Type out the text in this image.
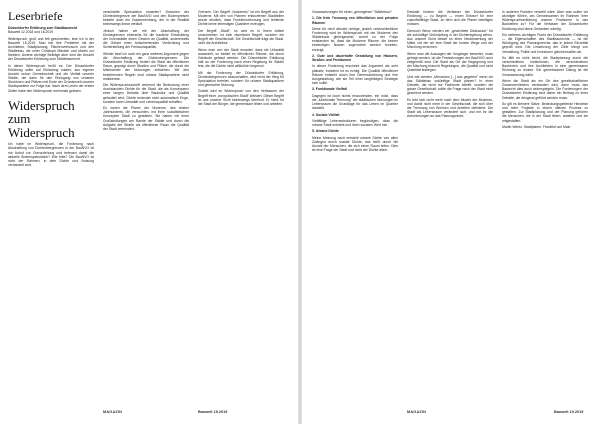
Leserbriefe

Düsseldorfer Erklärung zum Stadtbaurecht

Bauwelt 12.2018 und 16.2019

Widerspruch, groß und fett geschrieben, lese ich in der Bauwelt 15.2019. Man hat Ihre Probleme mit der Architektur, Stadtplanung, Flächenverbrauch und den Städtebau, die unter Christoph Mäckler und Martin zur Nedden, Andere wichtige Beiträge aber sind der Ansicht der Düsseldorfer Erklärung zum Städtebaurecht.

In dieser Widerspruch heißt es: Der Düsseldorfer Erklärung sollte auf Einladung lokaler, aus eigener Ansicht schon Gemeinschaft und die Vielfalt unserer Städte, der darin für den Rückgang von urbanen Strukturen und Plätzen mit Ende der Gründerzeit unserer Stadtquartiere zur Folge hat. Nach dem Lesen der ersten Zeilen habe den Widerspruch mehrmals gelesen.

Widerspruch zum Widerspruch

Ich halte im Widerspruch, die Forderung nach Abschaffung von Dichteobergrenzen in der BauNVO ist mir Aufruf zur Grenzziehung und befeuert damit die aktuelle Bodenspekulation? Wie bitte? Die BauNVO ist nicht der Rahmen, in dem Dichte und Nutzung verhandelt wird.

verschärfte Spekulation erwarten? Zwischen der Dichteobergrenze der BauNVO und den Bodenpreisen besteht doch ein Zusammenhang, der in der Realität keineswegs linear verläuft.

Jedoch haben wir mit der Abschaffung der Dichtegrenzen einerseits für die bauliche Entwicklung der Innenstädte einen Gewinn an Qualität, andererseits die Gefahr einer fortschreitenden Verdichtung und Sicherstellung der Freiraumqualität.

Wieder fand ich noch ein ganz weiteres Argument gegen die Abschaffung der Dichteobergrenzen. Die Düsseldorfer Erklärung fordert die Stadt als öffentlicher Raum, geprägt durch Straßen und Plätze, die durch ein Miteinander der Nutzungen entstehen. Mit den bestehenden Regeln sind urbane Stadtquartiere nicht realisierbar.

Die Widerspruchsschrift verkennt die Bedeutung einer durchdachten Dichte für die Stadt, die als Konsequenz einer langen Debatte über Baukultur und Qualität gefordert wird. Dichte bedeutet nicht automatisch Enge, sondern kann Urbanität und Lebensqualität schaffen.

Es waren die Planer der Moderne, des letzten Jahrhunderts, die versuchten, mit Ihren sozialistischen Konzepten Stadt zu gestalten. Sie haben mit ihren Großsiedlungen am Rande der Städte und durch die Aufgabe der Straße als öffentlicher Raum die Qualität der Stadt vermindert.

Grenzen. Der Begriff „Nutzermix" ist ein Begriff aus der Moderne. Mit den von Planern entworfenen Stadtteilen wurde deutlich, dass Funktionstrennung und fehlende Dichte keine lebendigen Quartiere erzeugen.

Der Begriff „Stadt", so wird es in Ihrem Artikel umschrieben, ist kein räumlicher Begriff, sondern ein Begriff der Gesellschaft. Die Gesellschaft trägt die Stadt, nicht die Architektur.

Wenn man von der Stadt erwartet, dass sie Urbanität ausstrahlt, so bedarf es öffentlicher Räume, die durch Gebäude gefasst werden. Die Düsseldorfer Erklärung hält an der Forderung nach einer Regelung für Städte fest, die die Dichte nicht willkürlich begrenzt.

Mit der Forderung der Düsseldorfer Erklärung, Dichteobergrenzen abzuschaffen, wird nicht der Weg für Spekulation bereitet, sondern für urbane Stadtquartiere und gemischte Nutzung.

Zuletzt wird im Widerspruch von den Verfassern der Begriff einer „europäischen Stadt" kritisiert. Dieser Begriff ist aus unserer Sicht keineswegs überholt. Er steht für die Stadt der Bürger, die gemeinsam leben und arbeiten.

MAGAZIN	Bauwelt 19.2019

Voraussetzungen für einen „gelungenen" Städtebau?

1. Die freie Trennung von öffentlichen und privaten Räumen

Diese für mich absolut richtige, jedoch unterschiedliche Forderung wird im Widerspruch mit der Moderne des Städtebaus gleichgesetzt, womit zu der Folge entstanden ist, dass die Moderne Räume, die keinen eindeutigen Nutzen zugeordnet werden konnten, erzeugt.

2. Gute und dauerhafte Gestaltung von Häusern, Straßen und Freiräumen

In dieser Forderung erscheint das Argument als sehr plakativ, trotzdem ist es richtig. Die Qualität öffentlicher Räume entsteht durch ihre Dimensionierung und ihre Ausgestaltung, wie sie Teil einer langfristigen Strategie sein sollte.

3. Funktionale Vielfalt

Dagegen ist doch nichts einzuwenden, ein Indiz, dass die „funktionale Trennung" der städtischen Nutzungen im Lebensraum die Grundlage für das Leben im Quartier darstellt.

4. Soziale Vielfalt

Vielfältige Lebensstrukturen begünstigen, dass die urbane Stadt entsteht und ihren sozialen Wert hat.

5. Urbane Dichte

Meine Meinung nach entsteht urbane Dichte von allen Zwängen durch soziale Dichte, das heißt durch die Anzahl der Menschen, die sich einen Raum teilen. Dies ist eine Frage der Stadt und nicht der Dichte allein.

Deshalb fordern die Verfasser der Düsseldorfer Erklärung — zu Beginn — einen Entwurf für eine zukunftsfähige Stadt, an dem sich die Planer beteiligen müssen.

Dennoch Wenz werden wir „gewichtete Diskussion" für die zukünftige Verknüpfung in der Dichteregelung sehen. Aus unserer Sicht bedarf es einer Neubewertung der Mittel, mit der wir eine Stadt der kurzen Wege und der Mischung erreichen.

Wenn man die Aussagen der Vorgänger bewertet, muss gefragt werden, ob die Festsetzungen der BauNVO noch zeitgemäß sind. Die Stadt als Ort der Begegnung und der Mischung braucht Regelungen, die Qualität und nicht Quantität festlegen.

Und wie werden „Menschen [...] aus gegeben" wenn wir das Städtebau zukünftige Stadt planen? In einer Debatte, die nicht nur Fachleute betrifft, sondern die ganze Gesellschaft, sollte die Frage nach der Stadt nicht gescheut werden.

Es lebt sich nicht mehr nach dem Muster der Moderne, und damit nicht mehr in der Gesellschaft, die sich über die Trennung von Wohnen und Arbeiten definierte. Die Stadt als Lebensraum verändert sich, und mit ihr die Anforderungen an das Planungsrecht.

in anderen Punkten verweilt wäre. Aber was sollen wir wichtiger fühlen, am Gemeinsamen im Rahmen ihrer Widerspruchserklärung unserer Positionen in das Baustellen zu? Für die Verfasser der Düsseldorfer Erklärung sind diese Gedanken wichtig.

Ein weiteres wichtiges Punkt der Düsseldorfer Erklärung — die Eigenschaften des Stadtbaurechts — ist die Würdigung des Planungsrechts, das in jedem Einzelfall geprüft wird. Die Umsetzung der Ziele hängt von Verwaltung, Politik und Investoren gleichermaßen ab.

So fällt es nicht leicht, die Stadtplanung durch die verschiedenen Institutionen, die verschiedenen Bauherren und ihre Architekten in eine gemeinsame Richtung zu lenken. Ein gemeinsamer Dialog ist die Voraussetzung dafür.

Wenn die Stadt als ein Ort des gesellschaftlichen Zusammenlebens verstanden wird, dann muss das Baurecht dies auch widerspiegeln. Die Forderungen der Düsseldorfer Erklärung sind daher ein Beitrag zu einer Debatte, die dringend geführt werden muss.

So gilt es kleinere Sätze, Bedeutungsgebende Hinweise und mehr Projekte in einem offenen Prozess zu gestalten. Zur Stadtplanung und der Planung gehören die Menschen, die in der Stadt leben, arbeiten und sie mitgestalten.

Martin Wentz, Stadtplaner, Frankfurt am Main

MAGAZIN	Bauwelt 19.2019
